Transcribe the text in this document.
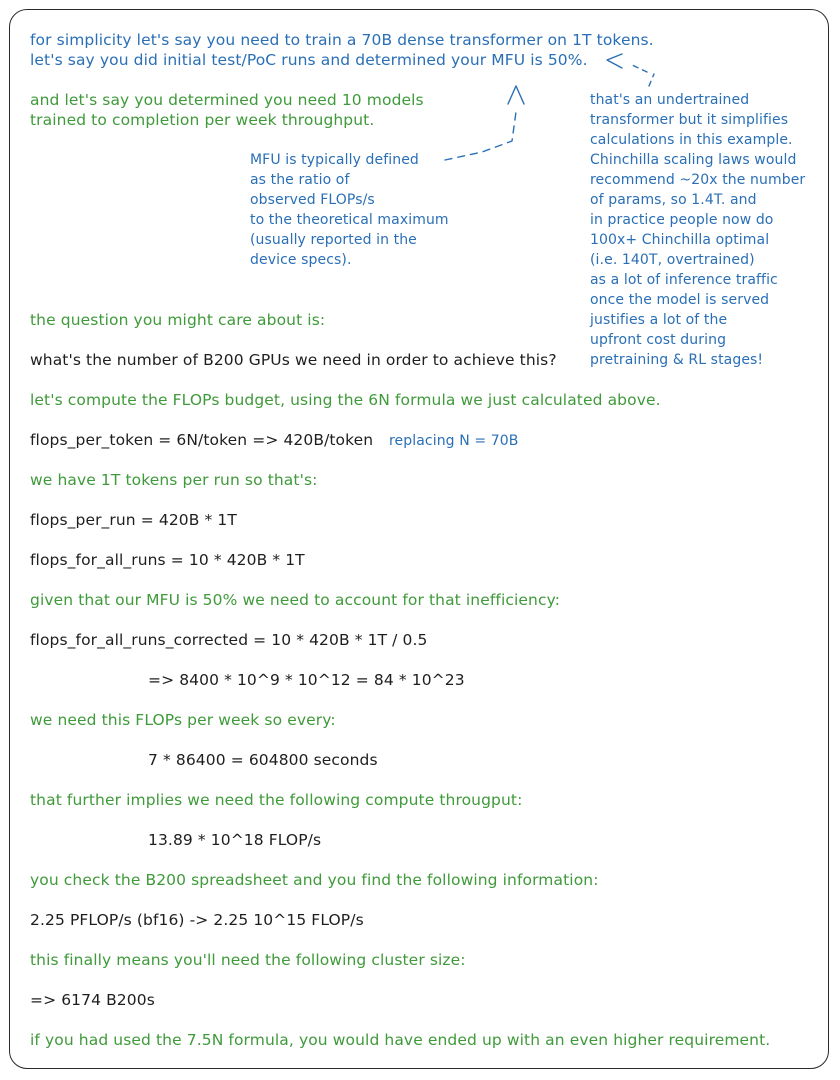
for simplicity let's say you need to train a 70B dense transformer on 1T tokens.
let's say you did initial test/PoC runs and determined your MFU is 50%.
and let's say you determined you need 10 models
trained to completion per week throughput.
MFU is typically defined
as the ratio of
observed FLOPs/s
to the theoretical maximum
(usually reported in the
device specs).
that's an undertrained
transformer but it simplifies
calculations in this example.
Chinchilla scaling laws would
recommend ~20x the number
of params, so 1.4T. and
in practice people now do
100x+ Chinchilla optimal
(i.e. 140T, overtrained)
as a lot of inference traffic
once the model is served
justifies a lot of the
upfront cost during
pretraining & RL stages!
the question you might care about is:
what's the number of B200 GPUs we need in order to achieve this?
let's compute the FLOPs budget, using the 6N formula we just calculated above.
flops_per_token = 6N/token => 420B/token replacing N = 70B
we have 1T tokens per run so that's:
flops_per_run = 420B * 1T
flops_for_all_runs = 10 * 420B * 1T
given that our MFU is 50% we need to account for that inefficiency:
flops_for_all_runs_corrected = 10 * 420B * 1T / 0.5
=> 8400 * 10^9 * 10^12 = 84 * 10^23
we need this FLOPs per week so every:
7 * 86400 = 604800 seconds
that further implies we need the following compute througput:
13.89 * 10^18 FLOP/s
you check the B200 spreadsheet and you find the following information:
2.25 PFLOP/s (bf16) -> 2.25 10^15 FLOP/s
this finally means you'll need the following cluster size:
=> 6174 B200s
if you had used the 7.5N formula, you would have ended up with an even higher requirement.
